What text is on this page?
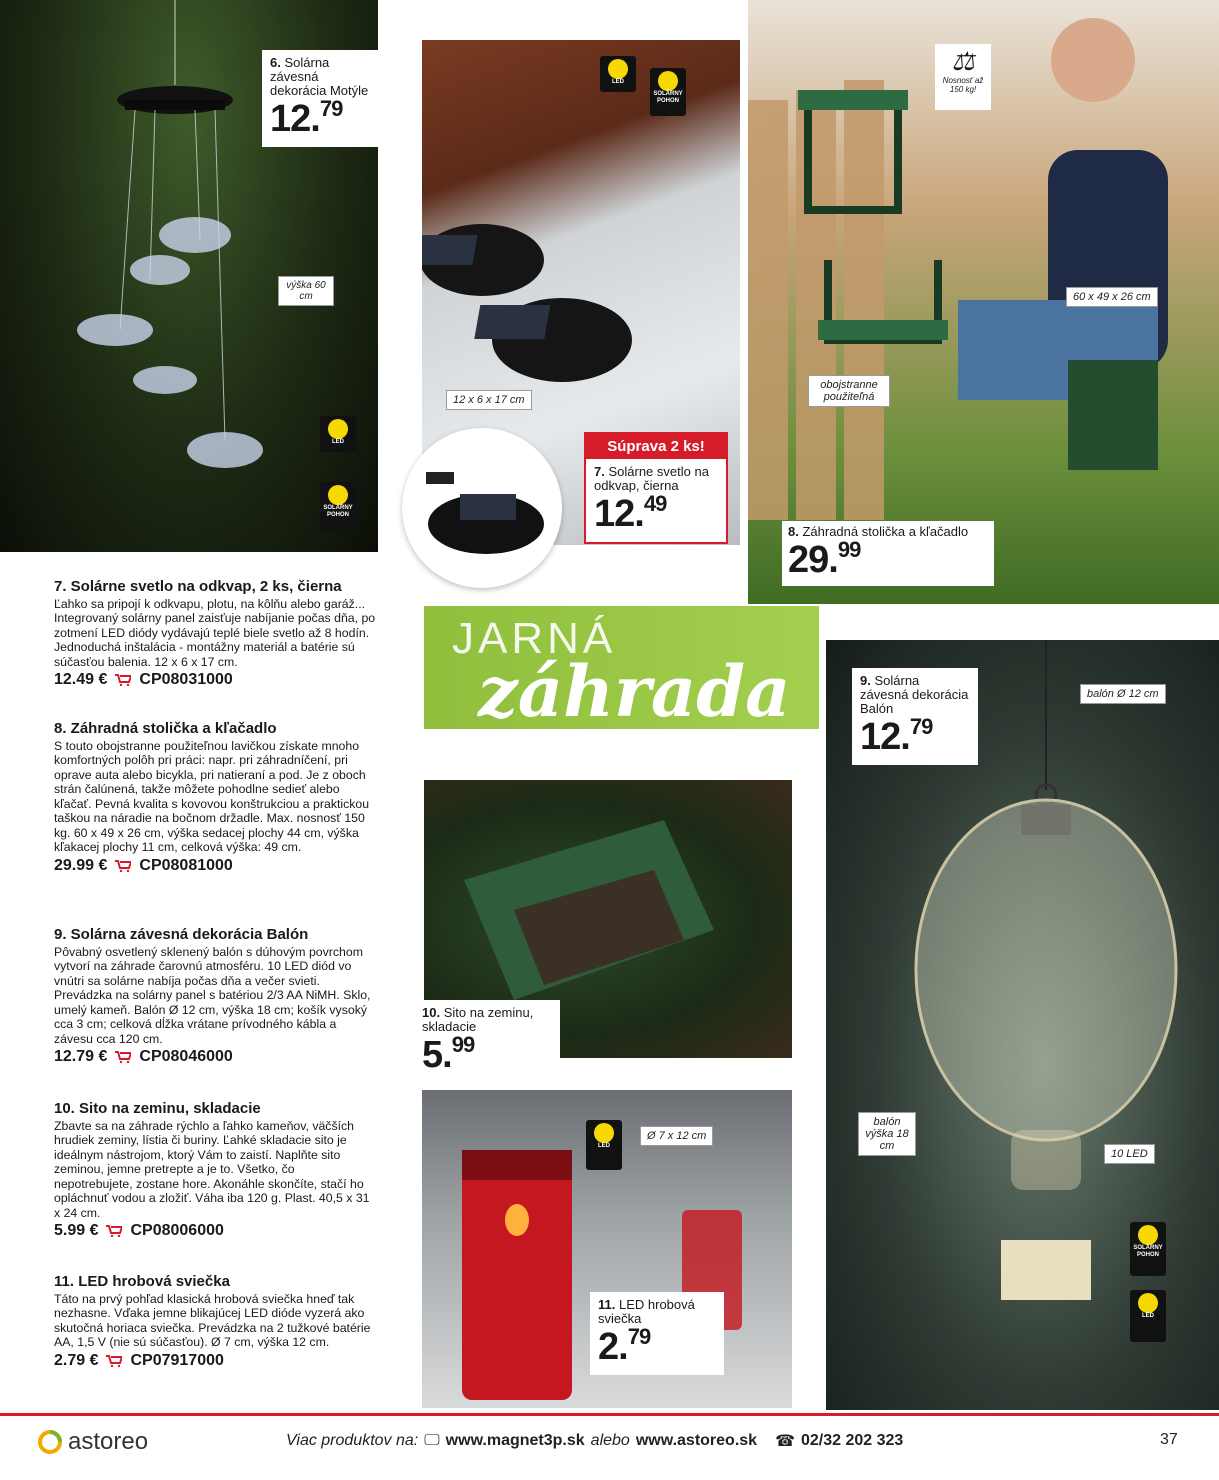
6. Solárna závesná dekorácia Motýle
12.79
výška 60 cm
LED
SOLÁRNY POHON
LED
SOLÁRNY POHON
12 x 6 x 17 cm
Súprava 2 ks!
7. Solárne svetlo na odkvap, čierna
12.49
⚖
Nosnosť až 150 kg!
60 x 49 x 26 cm
obojstranne použiteľná
8. Záhradná stolička a kľačadlo
29.99
JARNÁ
záhrada	9. Solárna závesná dekorácia Balón
12.79
balón Ø 12 cm
balón výška 18 cm
10 LED
SOLÁRNY POHON
LED
10. Sito na zeminu, skladacie
5.99
LED
Ø 7 x 12 cm
11. LED hrobová sviečka
2.79
7. Solárne svetlo na odkvap, 2 ks, čierna

Ľahko sa pripojí k odkvapu, plotu, na kôlňu alebo garáž... Integrovaný solárny panel zaisťuje nabíjanie počas dňa, po zotmení LED diódy vydávajú teplé biele svetlo až 8 hodín. Jednoduchá inštalácia - montážny materiál a batérie sú súčasťou balenia. 12 x 6 x 17 cm.

12.49 € CP08031000
8. Záhradná stolička a kľačadlo

S touto obojstranne použiteľnou lavičkou získate mnoho komfortných polôh pri práci: napr. pri záhradníčení, pri oprave auta alebo bicykla, pri natieraní a pod. Je z oboch strán čalúnená, takže môžete pohodlne sedieť alebo kľačať. Pevná kvalita s kovovou konštrukciou a praktickou taškou na náradie na bočnom držadle. Max. nosnosť 150 kg. 60 x 49 x 26 cm, výška sedacej plochy 44 cm, výška kľakacej plochy 11 cm, celková výška: 49 cm.

29.99 € CP08081000
9. Solárna závesná dekorácia Balón

Pôvabný osvetlený sklenený balón s dúhovým povrchom vytvorí na záhrade čarovnú atmosféru. 10 LED diód vo vnútri sa solárne nabíja počas dňa a večer svieti. Prevádzka na solárny panel s batériou 2/3 AA NiMH. Sklo, umelý kameň. Balón Ø 12 cm, výška 18 cm; košík vysoký cca 3 cm; celková dĺžka vrátane prívodného kábla a závesu cca 120 cm.

12.79 € CP08046000
10. Sito na zeminu, skladacie

Zbavte sa na záhrade rýchlo a ľahko kameňov, väčších hrudiek zeminy, lístia či buriny. Ľahké skladacie sito je ideálnym nástrojom, ktorý Vám to zaistí. Naplňte sito zeminou, jemne pretrepte a je to. Všetko, čo nepotrebujete, zostane hore. Akonáhle skončíte, stačí ho opláchnuť vodou a zložiť. Váha iba 120 g. Plast. 40,5 x 31 x 24 cm.

5.99 € CP08006000
11. LED hrobová sviečka

Táto na prvý pohľad klasická hrobová sviečka hneď tak nezhasne. Vďaka jemne blikajúcej LED dióde vyzerá ako skutočná horiaca sviečka. Prevádzka na 2 tužkové batérie AA, 1,5 V (nie sú súčasťou). Ø 7 cm, výška 12 cm.

2.79 € CP07917000
astoreo	Viac produktov na: 🖵 www.magnet3p.sk alebo www.astoreo.sk ☎ 02/32 202 323	37
